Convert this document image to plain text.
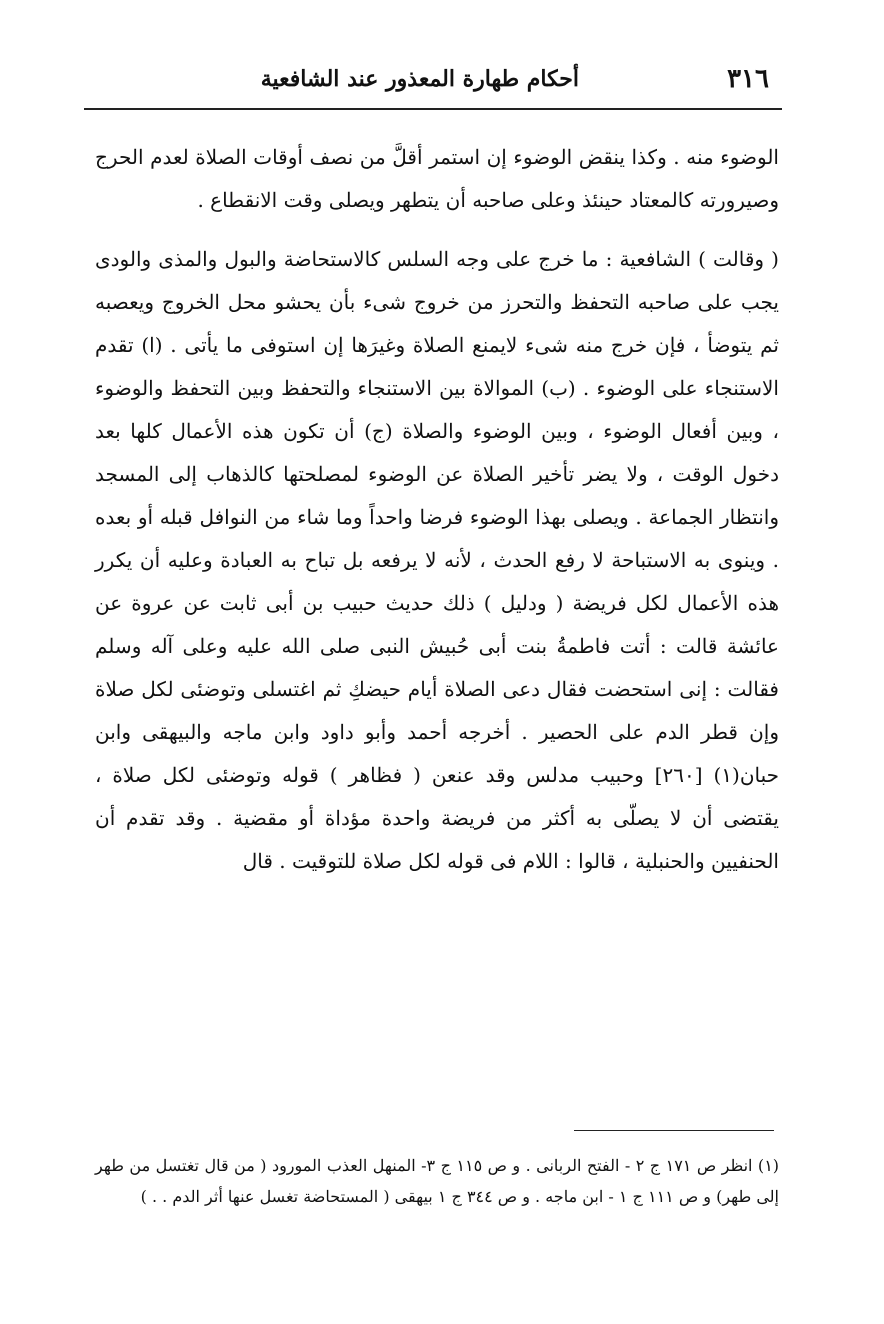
٣١٦
أحكام طهارة المعذور عند الشافعية

الوضوء منه . وكذا ينقض الوضوء إن استمر أقلَّ من نصف أوقات الصلاة لعدم الحرج وصيرورته كالمعتاد حينئذ وعلى صاحبه أن يتطهر ويصلى وقت الانقطاع .

( وقالت ) الشافعية : ما خرج على وجه السلس كالاستحاضة والبول والمذى والودى يجب على صاحبه التحفظ والتحرز من خروج شىء بأن يحشو محل الخروج ويعصبه ثم يتوضأ ، فإن خرج منه شىء لايمنع الصلاة وغيرَها إن استوفى ما يأتى . (ا) تقدم الاستنجاء على الوضوء . (ب) الموالاة بين الاستنجاء والتحفظ وبين التحفظ والوضوء ، وبين أفعال الوضوء ، وبين الوضوء والصلاة (ج) أن تكون هذه الأعمال كلها بعد دخول الوقت ، ولا يضر تأخير الصلاة عن الوضوء لمصلحتها كالذهاب إلى المسجد وانتظار الجماعة . ويصلى بهذا الوضوء فرضا واحداً وما شاء من النوافل قبله أو بعده . وينوى به الاستباحة لا رفع الحدث ، لأنه لا يرفعه بل تباح به العبادة وعليه أن يكرر هذه الأعمال لكل فريضة ( ودليل ) ذلك حديث حبيب بن أبى ثابت عن عروة عن عائشة قالت : أتت فاطمةُ بنت أبى حُبيش النبى صلى الله عليه وعلى آله وسلم فقالت : إنى استحضت فقال دعى الصلاة أيام حيضكِ ثم اغتسلى وتوضئى لكل صلاة وإن قطر الدم على الحصير . أخرجه أحمد وأبو داود وابن ماجه والبيهقى وابن حبان(١) [٢٦٠] وحبيب مدلس وقد عنعن ( فظاهر ) قوله وتوضئى لكل صلاة ، يقتضى أن لا يصلّى به أكثر من فريضة واحدة مؤداة أو مقضية . وقد تقدم أن الحنفيين والحنبلية ، قالوا : اللام فى قوله لكل صلاة للتوقيت . قال

(١) انظر ص ١٧١ ج ٢ - الفتح الربانى . و ص ١١٥ ج ٣- المنهل العذب المورود ( من قال تغتسل من طهر إلى طهر) و ص ١١١ ج ١ - ابن ماجه . و ص ٣٤٤ ج ١ بيهقى ( المستحاضة تغسل عنها أثر الدم . . )
